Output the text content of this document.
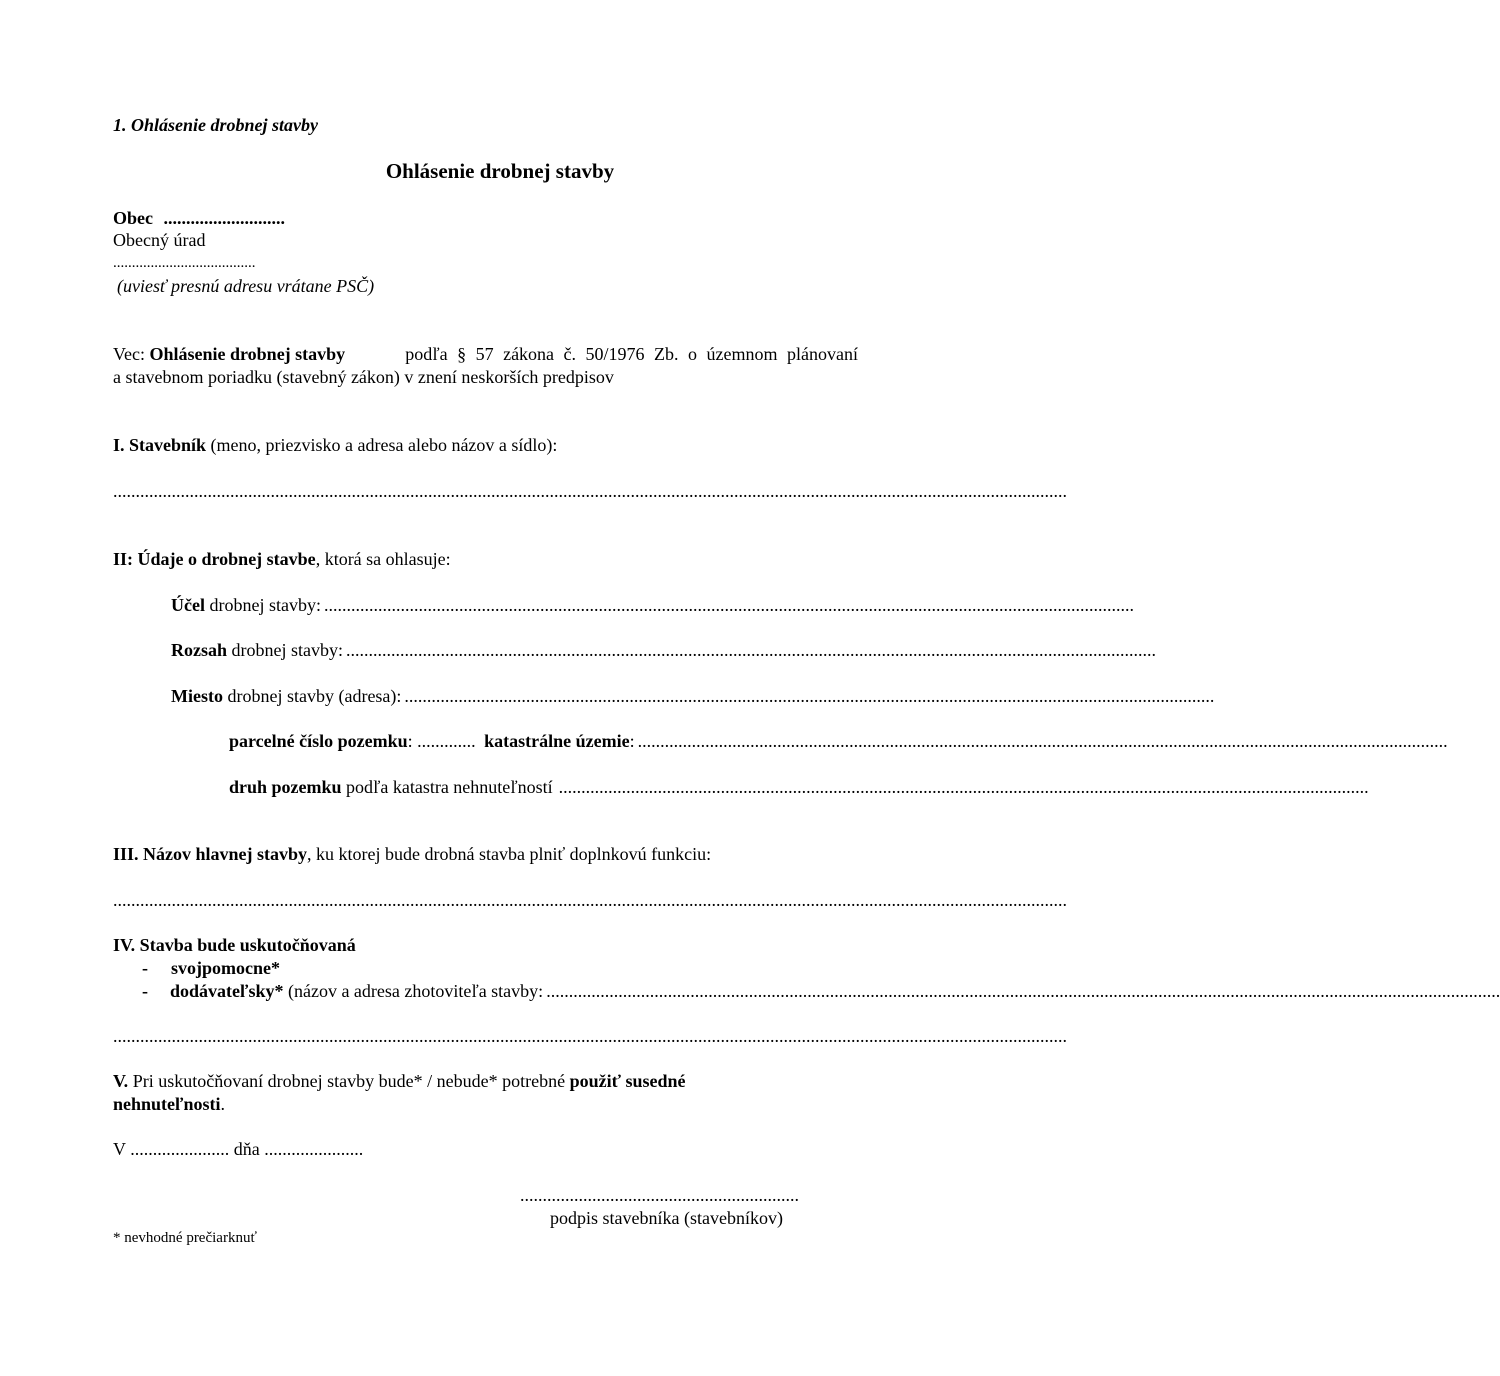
1. Ohlásenie drobnej stavby
Ohlásenie drobnej stavby
Obec ...........................
Obecný úrad
......................................
(uviesť presnú adresu vrátane PSČ)
Vec: Ohlásenie drobnej stavby	podľa § 57 zákona č. 50/1976 Zb. o územnom plánovaní
a stavebnom poriadku (stavebný zákon) v znení neskorších predpisov
I. Stavebník (meno, priezvisko a adresa alebo názov a sídlo):
....................................................................................................................................................................................................................
II: Údaje o drobnej stavbe, ktorá sa ohlasuje:
Účel drobnej stavby: ....................................................................................................................................................................................
Rozsah drobnej stavby: ....................................................................................................................................................................................
Miesto drobnej stavby (adresa): ....................................................................................................................................................................................
parcelné číslo pozemku: ............. katastrálne územie: ....................................................................................................................................................................................
druh pozemku podľa katastra nehnuteľností ....................................................................................................................................................................................
III. Názov hlavnej stavby, ku ktorej bude drobná stavba plniť doplnkovú funkciu:
....................................................................................................................................................................................................................
IV. Stavba bude uskutočňovaná
- svojpomocne*
- dodávateľsky* (názov a adresa zhotoviteľa stavby: ....................................................................................................................................................................................................................
....................................................................................................................................................................................................................
V. Pri uskutočňovaní drobnej stavby bude* / nebude* potrebné použiť susedné
nehnuteľnosti.
V ...................... dňa ......................
..............................................................
podpis stavebníka (stavebníkov)
* nevhodné prečiarknuť
